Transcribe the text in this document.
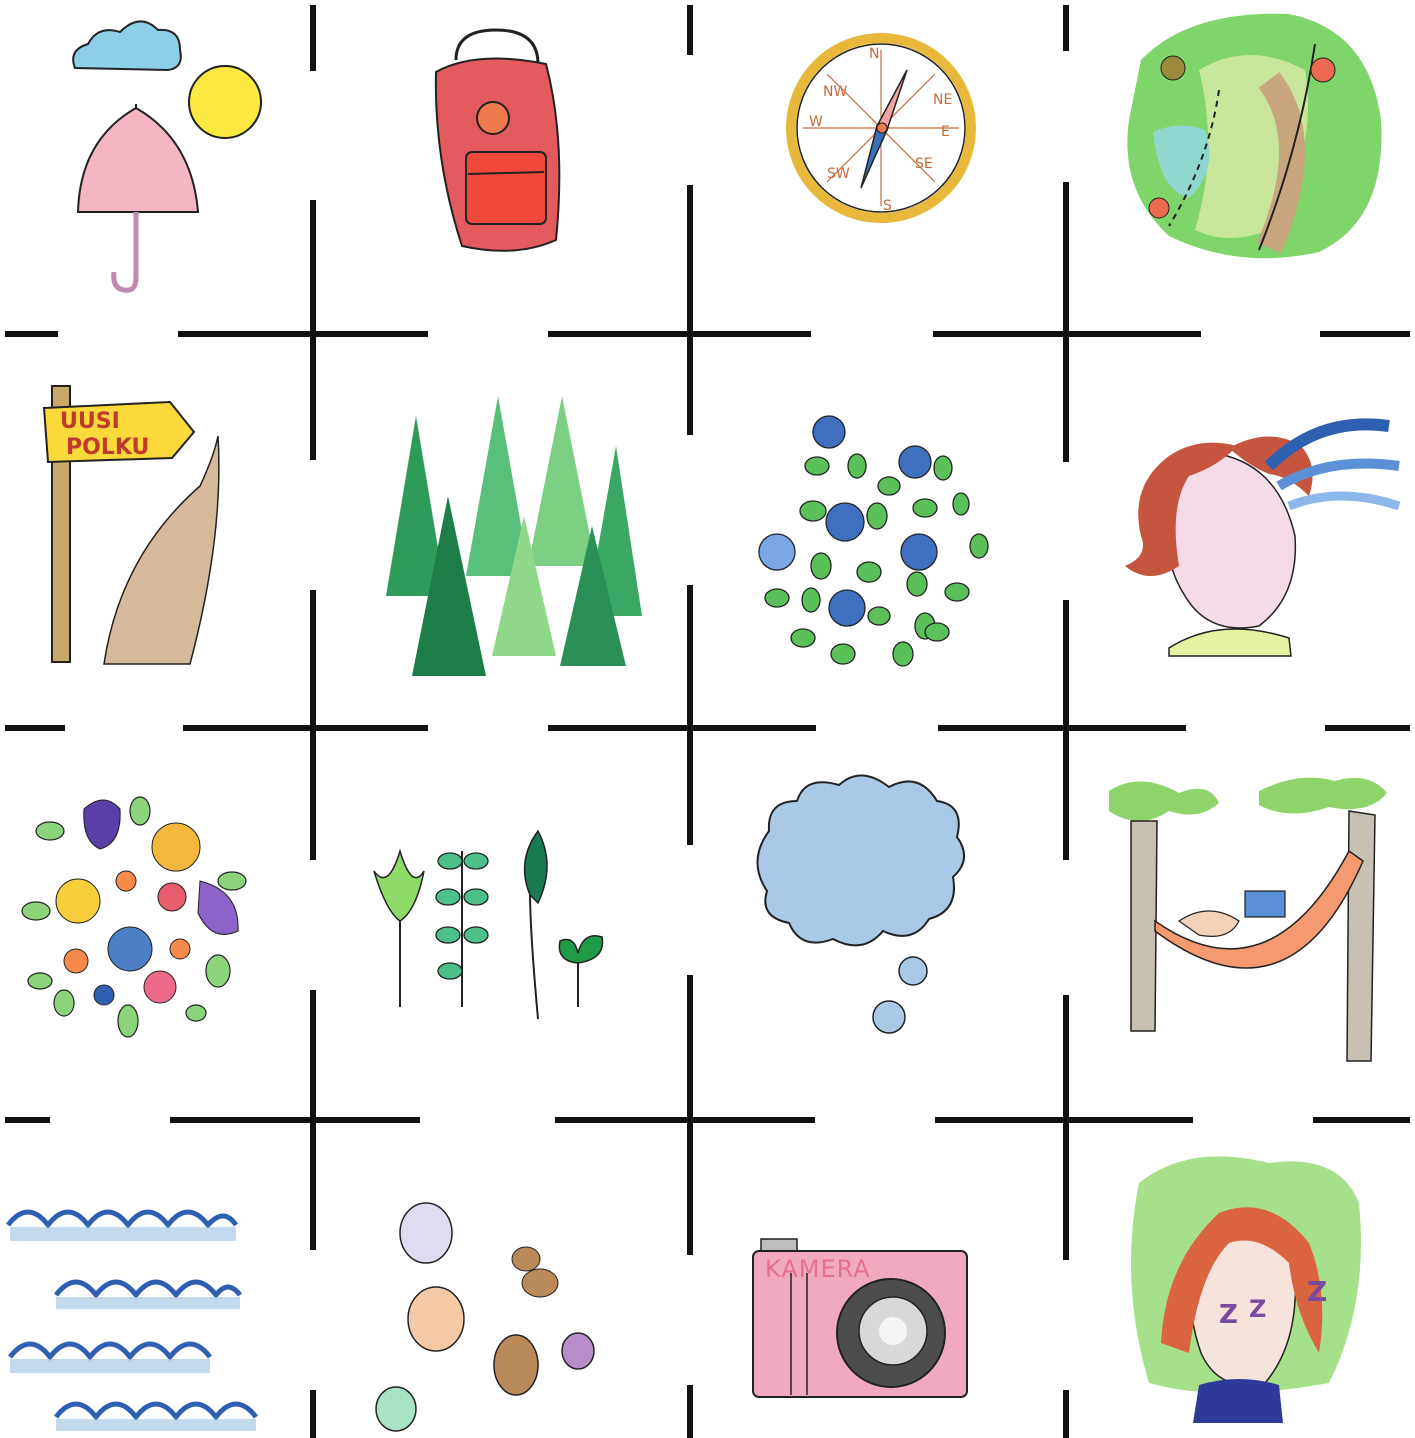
N
NE
E
SE
S
SW
W
NW
UUSI
POLKU
KAMERA
Z Z
Z
